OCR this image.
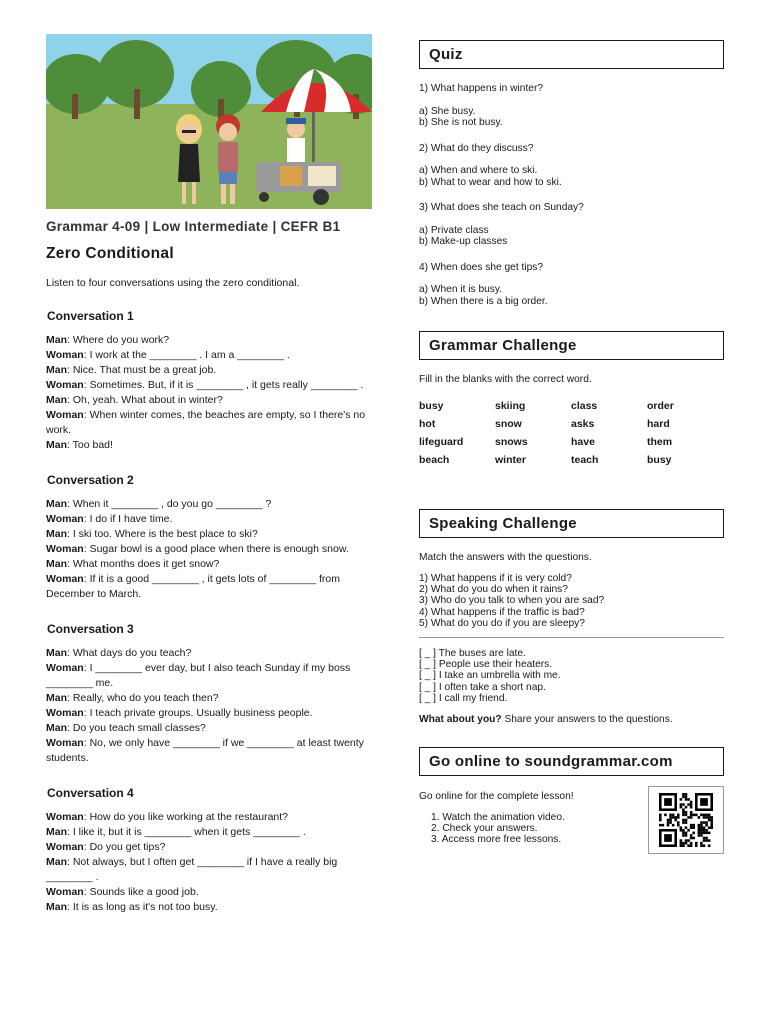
Grammar 4-09 | Low Intermediate | CEFR B1
Zero Conditional
Listen to four conversations using the zero conditional.
Conversation 1
Man: Where do you work?
Woman: I work at the ________ . I am a ________ .
Man: Nice. That must be a great job.
Woman: Sometimes. But, if it is ________ , it gets really ________ .
Man: Oh, yeah. What about in winter?
Woman: When winter comes, the beaches are empty, so I there's no work.
Man: Too bad!
Conversation 2
Man: When it ________ , do you go ________ ?
Woman: I do if I have time.
Man: I ski too. Where is the best place to ski?
Woman: Sugar bowl is a good place when there is enough snow.
Man: What months does it get snow?
Woman: If it is a good ________ , it gets lots of ________ from December to March.
Conversation 3
Man: What days do you teach?
Woman: I ________ ever day, but I also teach Sunday if my boss ________ me.
Man: Really, who do you teach then?
Woman: I teach private groups. Usually business people.
Man: Do you teach small classes?
Woman: No, we only have ________ if we ________ at least twenty students.
Conversation 4
Woman: How do you like working at the restaurant?
Man: I like it, but it is ________ when it gets ________ .
Woman: Do you get tips?
Man: Not always, but I often get ________ if I have a really big ________ .
Woman: Sounds like a good job.
Man: It is as long as it's not too busy.
Quiz
1) What happens in winter?
a) She busy.
b) She is not busy.
2) What do they discuss?
a) When and where to ski.
b) What to wear and how to ski.
3) What does she teach on Sunday?
a) Private class
b) Make-up classes
4) When does she get tips?
a) When it is busy.
b) When there is a big order.
Grammar Challenge
Fill in the blanks with the correct word.
busy	skiing	class	order
hot	snow	asks	hard
lifeguard	snows	have	them
beach	winter	teach	busy
Speaking Challenge
Match the answers with the questions.
1) What happens if it is very cold?
2) What do you do when it rains?
3) Who do you talk to when you are sad?
4) What happens if the traffic is bad?
5) What do you do if you are sleepy?
[ _ ] The buses are late.
[ _ ] People use their heaters.
[ _ ] I take an umbrella with me.
[ _ ] I often take a short nap.
[ _ ] I call my friend.
What about you? Share your answers to the questions.
Go online to soundgrammar.com
Go online for the complete lesson!
1. Watch the animation video.
2. Check your answers.
3. Access more free lessons.
